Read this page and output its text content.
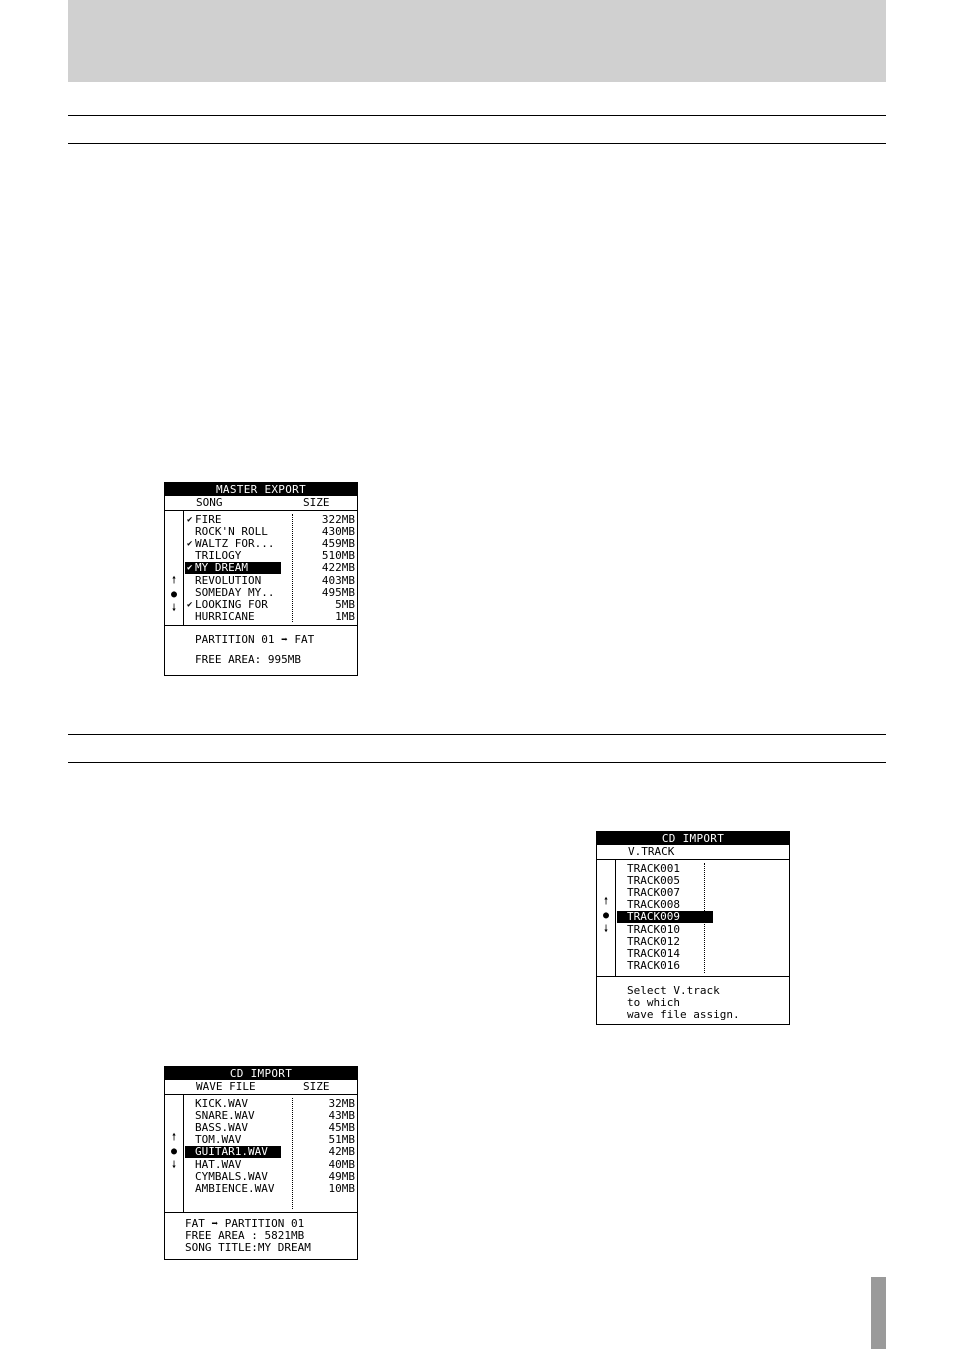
MASTER EXPORT
SONG	SIZE
🠕
●
🠗
✔ FIRE	322MB
ROCK'N ROLL	430MB
✔ WALTZ FOR...	459MB
TRILOGY	510MB
✔ MY DREAM	422MB
REVOLUTION	403MB
SOMEDAY MY..	495MB
✔ LOOKING FOR	5MB
HURRICANE	1MB
PARTITION 01 ➡ FAT
FREE AREA: 995MB
CD IMPORT
WAVE FILE	SIZE
🠕
●
🠗
KICK.WAV	32MB
SNARE.WAV	43MB
BASS.WAV	45MB
TOM.WAV	51MB
GUITAR1.WAV	42MB
HAT.WAV	40MB
CYMBALS.WAV	49MB
AMBIENCE.WAV	10MB
FAT ➡ PARTITION 01
FREE AREA : 5821MB
SONG TITLE:MY DREAM
CD IMPORT
V.TRACK
🠕
●
🠗
TRACK001
TRACK005
TRACK007
TRACK008
TRACK009
TRACK010
TRACK012
TRACK014
TRACK016
Select V.track
to which
wave file assign.
